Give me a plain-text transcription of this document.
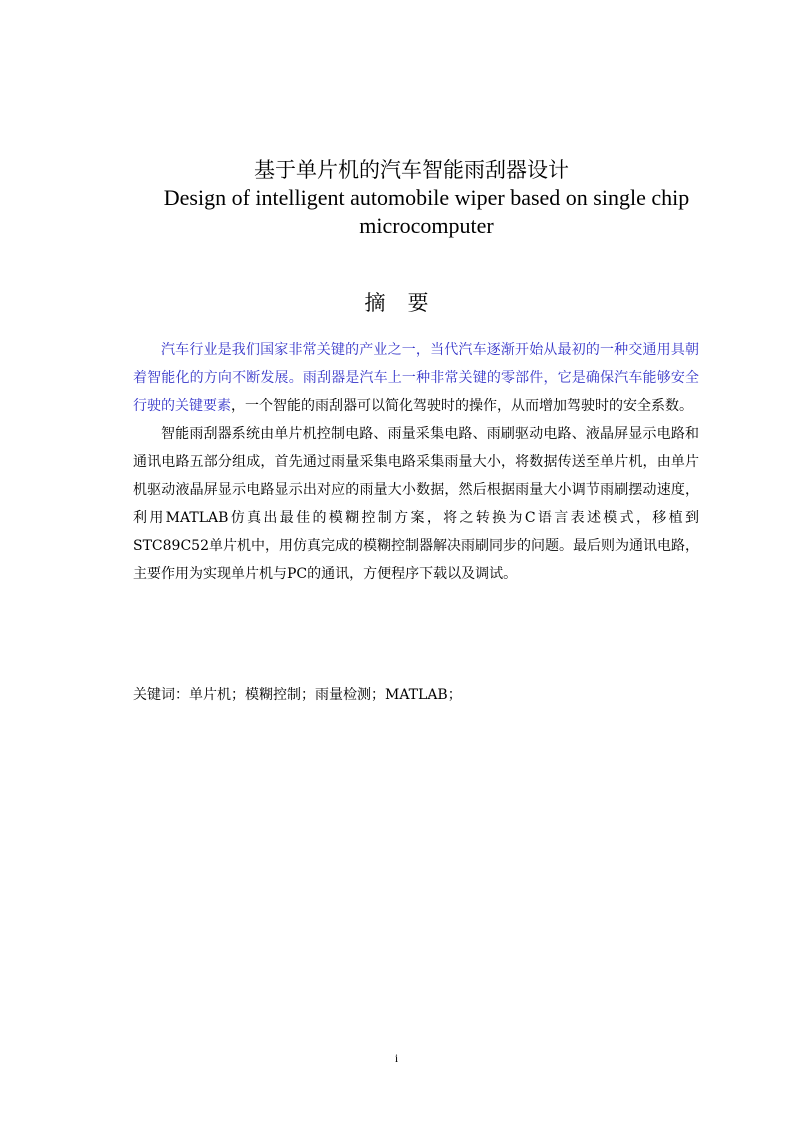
基于单片机的汽车智能雨刮器设计
Design of intelligent automobile wiper based on single chip microcomputer
摘要

汽车行业是我们国家非常关键的产业之一，当代汽车逐渐开始从最初的一种交通用具朝着智能化的方向不断发展。雨刮器是汽车上一种非常关键的零部件，它是确保汽车能够安全行驶的关键要素，一个智能的雨刮器可以简化驾驶时的操作，从而增加驾驶时的安全系数。

智能雨刮器系统由单片机控制电路、雨量采集电路、雨刷驱动电路、液晶屏显示电路和通讯电路五部分组成，首先通过雨量采集电路采集雨量大小，将数据传送至单片机，由单片机驱动液晶屏显示电路显示出对应的雨量大小数据，然后根据雨量大小调节雨刷摆动速度，利用MATLAB仿真出最佳的模糊控制方案，将之转换为C语言表述模式，移植到STC89C52单片机中，用仿真完成的模糊控制器解决雨刷同步的问题。最后则为通讯电路，主要作用为实现单片机与PC的通讯，方便程序下载以及调试。

关键词：单片机；模糊控制；雨量检测；MATLAB；
i
